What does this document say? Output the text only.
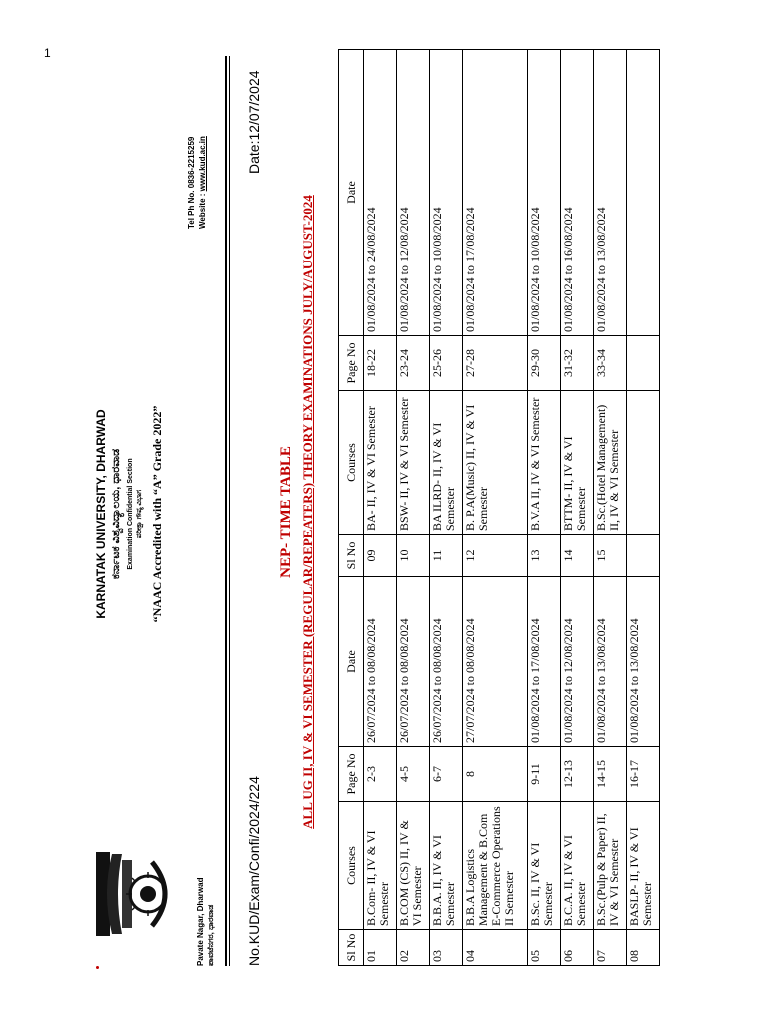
1
Pavate Nagar, Dharwad ಪಾವಟೆನಗರ, ಧಾರವಾಡ
KARNATAK UNIVERSITY, DHARWAD ಕರ್ನಾಟಕ ವಿಶ್ವವಿದ್ಯಾಲಯ, ಧಾರವಾಡ Examination Confidential Section ಪರೀಕ್ಷಾ ಗೌಪ್ಯ ವಿಭಾಗ “NAAC Accredited with “A” Grade 2022”
Tel Ph No. 0836-2215259 Website : www.kud.ac.in
No.KUD/Exam/Confi/2024/224
Date:12/07/2024
NEP- TIME TABLE ALL UG II, IV & VI SEMESTER (REGULAR/REPEATERS) THEORY EXAMINATIONS JULY/AUGUST-2024
Sl No	Courses	Page No	Date	Sl No	Courses	Page No	Date
01	B.Com- II, IV & VI Semester	2-3	26/07/2024 to 08/08/2024	09	BA- II, IV & VI Semester	18-22	01/08/2024 to 24/08/2024
02	B.COM (CS) II, IV & VI Semester	4-5	26/07/2024 to 08/08/2024	10	BSW- II, IV & VI Semester	23-24	01/08/2024 to 12/08/2024
03	B.B.A. II, IV & VI Semester	6-7	26/07/2024 to 08/08/2024	11	BA ILRD- II, IV & VI Semester	25-26	01/08/2024 to 10/08/2024
04	B.B.A Logistics Management & B.Com E-Commerce Operations II Semester	8	27/07/2024 to 08/08/2024	12	B. P.A(Music) II, IV & VI Semester	27-28	01/08/2024 to 17/08/2024
05	B.Sc. II, IV & VI Semester	9-11	01/08/2024 to 17/08/2024	13	B.V.A II, IV & VI Semester	29-30	01/08/2024 to 10/08/2024
06	B.C.A. II, IV & VI Semester	12-13	01/08/2024 to 12/08/2024	14	BTTM- II, IV & VI Semester	31-32	01/08/2024 to 16/08/2024
07	B.Sc.(Pulp & Paper) II, IV & VI Semester	14-15	01/08/2024 to 13/08/2024	15	B.Sc.(Hotel Management) II, IV & VI Semester	33-34	01/08/2024 to 13/08/2024
08	BASLP- II, IV & VI Semester	16-17	01/08/2024 to 13/08/2024				
